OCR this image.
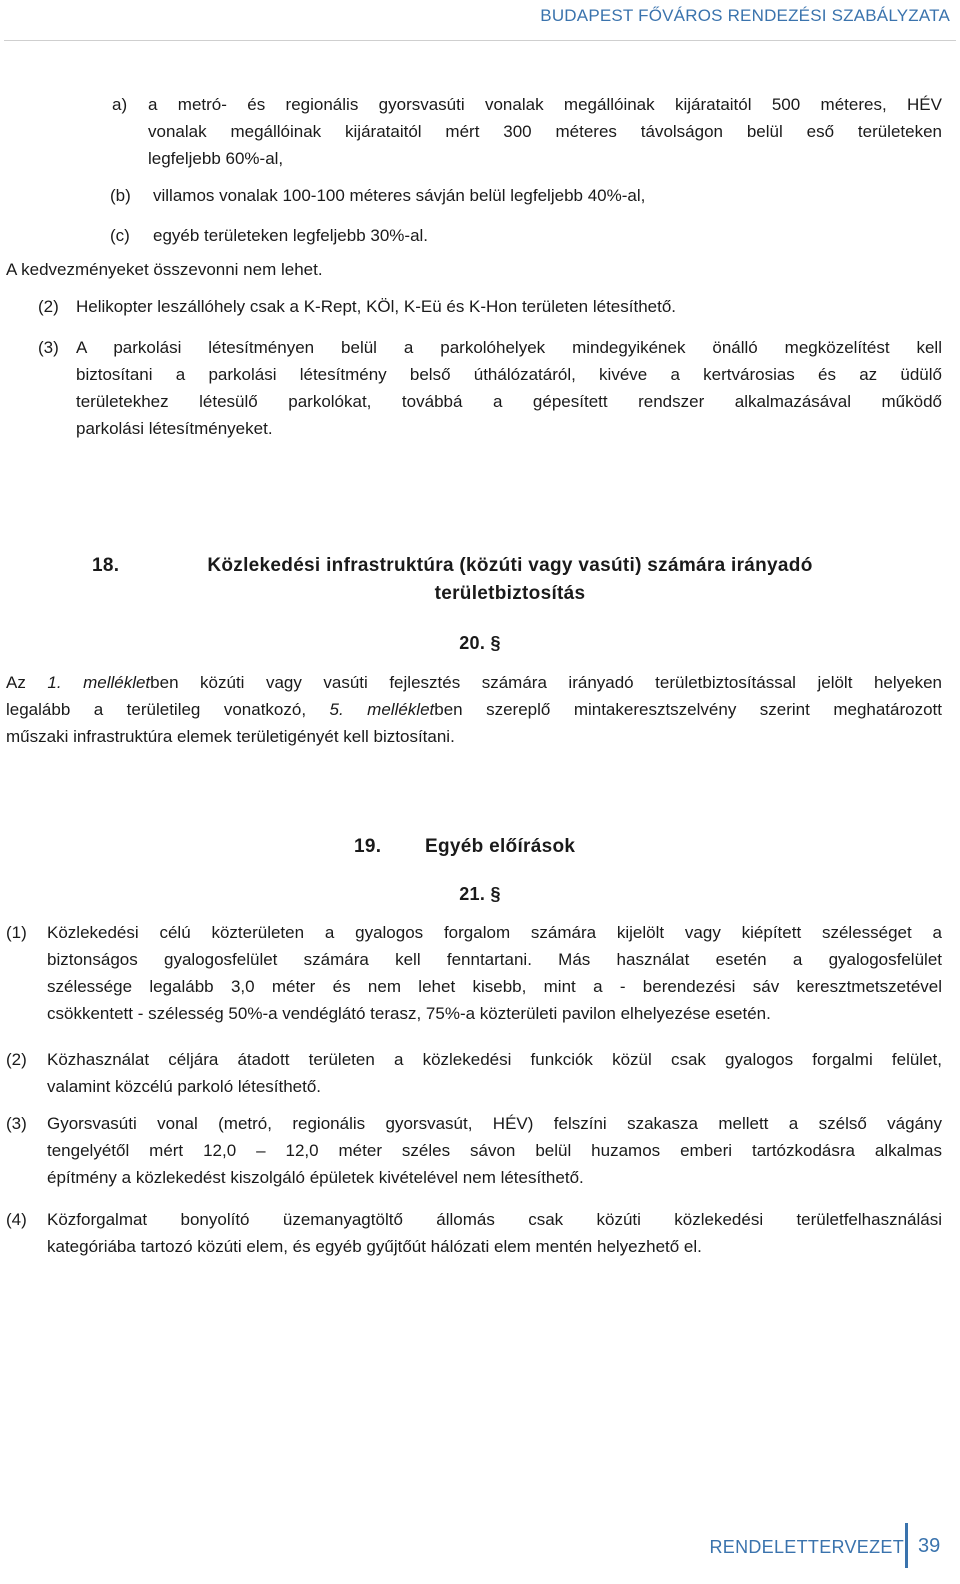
BUDAPEST FŐVÁROS RENDEZÉSI SZABÁLYZATA
a) a metró- és regionális gyorsvasúti vonalak megállóinak kijárataitól 500 méteres, HÉV
vonalak megállóinak kijárataitól mért 300 méteres távolságon belül eső területeken
legfeljebb 60%-al,
(b) villamos vonalak 100-100 méteres sávján belül legfeljebb 40%-al,
(c) egyéb területeken legfeljebb 30%-al.
A kedvezményeket összevonni nem lehet.
(2) Helikopter leszállóhely csak a K-Rept, KÖl, K-Eü és K-Hon területen létesíthető.
(3) A parkolási létesítményen belül a parkolóhelyek mindegyikének önálló megközelítést kell
biztosítani a parkolási létesítmény belső úthálózatáról, kivéve a kertvárosias és az üdülő
területekhez létesülő parkolókat, továbbá a gépesített rendszer alkalmazásával működő
parkolási létesítményeket.
18.	Közlekedési infrastruktúra (közúti vagy vasúti) számára irányadó
területbiztosítás
20. §
Az 1. mellékletben közúti vagy vasúti fejlesztés számára irányadó területbiztosítással jelölt helyeken
legalább a területileg vonatkozó, 5. mellékletben szereplő mintakeresztszelvény szerint meghatározott
műszaki infrastruktúra elemek területigényét kell biztosítani.
19. Egyéb előírások
21. §
(1) Közlekedési célú közterületen a gyalogos forgalom számára kijelölt vagy kiépített szélességet a
biztonságos gyalogosfelület számára kell fenntartani. Más használat esetén a gyalogosfelület
szélessége legalább 3,0 méter és nem lehet kisebb, mint a - berendezési sáv keresztmetszetével
csökkentett - szélesség 50%-a vendéglátó terasz, 75%-a közterületi pavilon elhelyezése esetén.
(2) Közhasználat céljára átadott területen a közlekedési funkciók közül csak gyalogos forgalmi felület,
valamint közcélú parkoló létesíthető.
(3) Gyorsvasúti vonal (metró, regionális gyorsvasút, HÉV) felszíni szakasza mellett a szélső vágány
tengelyétől mért 12,0 – 12,0 méter széles sávon belül huzamos emberi tartózkodásra alkalmas
építmény a közlekedést kiszolgáló épületek kivételével nem létesíthető.
(4) Közforgalmat bonyolító üzemanyagtöltő állomás csak közúti közlekedési területfelhasználási
kategóriába tartozó közúti elem, és egyéb gyűjtőút hálózati elem mentén helyezhető el.
RENDELETTERVEZET 39
